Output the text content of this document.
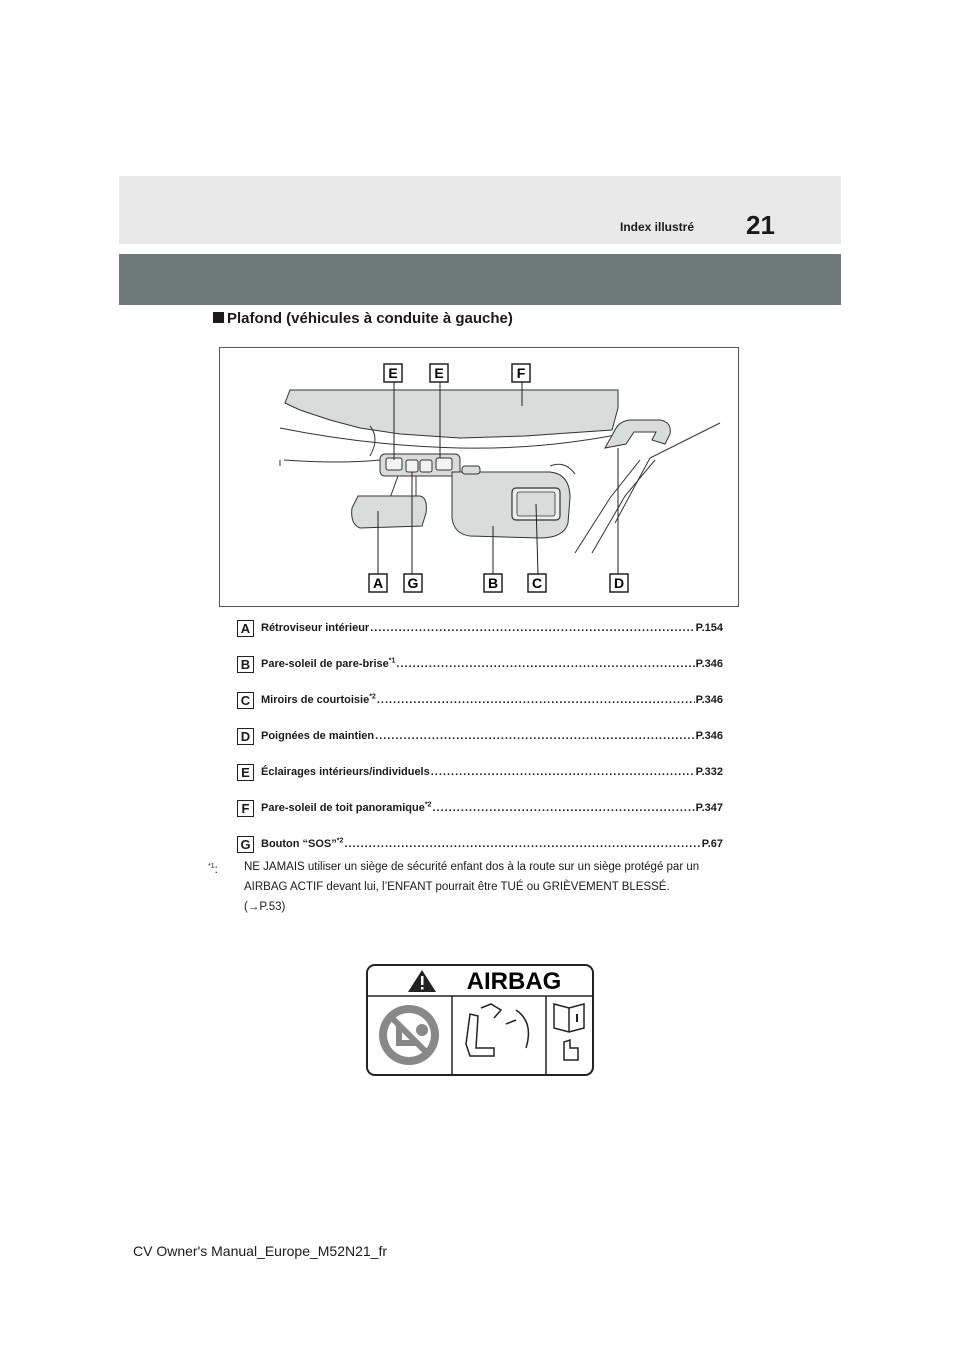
Index illustré 21
Plafond (véhicules à conduite à gauche)
E	E	F
A G	B C	D
A Rétroviseur intérieur .....	P.154
B Pare-soleil de pare-brise$^{*1}$ .....	P.346
C Miroirs de courtoisie$^{*2}$ .....	P.346
D Poignées de maintien .....	P.346
E	Éclairages intérieurs/individuels .....	P.332
F	Pare-soleil de toit panoramique$^{*2}$ .....	P.347
G Bouton “SOS”$^{*2}$ .....	P.67
$^{*1}$: NE JAMAIS utiliser un siège de sécurité enfant dos à la route sur un siège protégé par un
AIRBAG ACTIF devant lui, l’ENFANT pourrait être TUÉ ou GRIÈVEMENT BLESSÉ.
(→P.53)
AIRBAG
CV Owner's Manual_Europe_M52N21_fr
